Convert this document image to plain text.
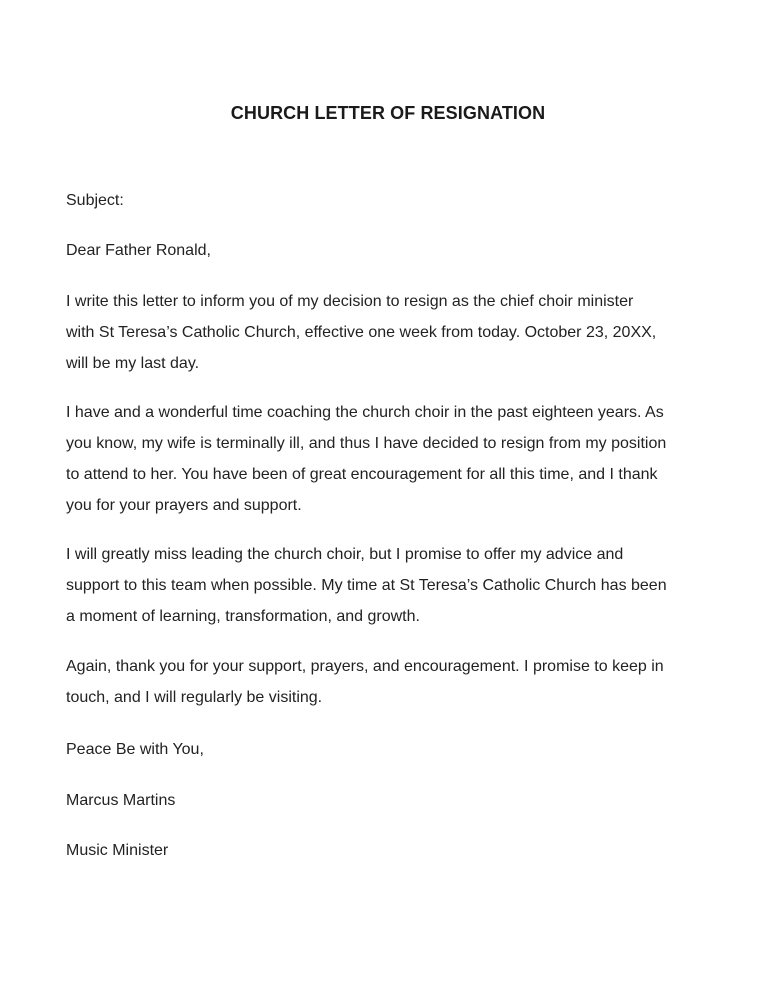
CHURCH LETTER OF RESIGNATION
Subject:
Dear Father Ronald,
I write this letter to inform you of my decision to resign as the chief choir minister
with St Teresa’s Catholic Church, effective one week from today. October 23, 20XX,
will be my last day.
I have and a wonderful time coaching the church choir in the past eighteen years. As
you know, my wife is terminally ill, and thus I have decided to resign from my position
to attend to her. You have been of great encouragement for all this time, and I thank
you for your prayers and support.
I will greatly miss leading the church choir, but I promise to offer my advice and
support to this team when possible. My time at St Teresa’s Catholic Church has been
a moment of learning, transformation, and growth.
Again, thank you for your support, prayers, and encouragement. I promise to keep in
touch, and I will regularly be visiting.
Peace Be with You,
Marcus Martins
Music Minister
